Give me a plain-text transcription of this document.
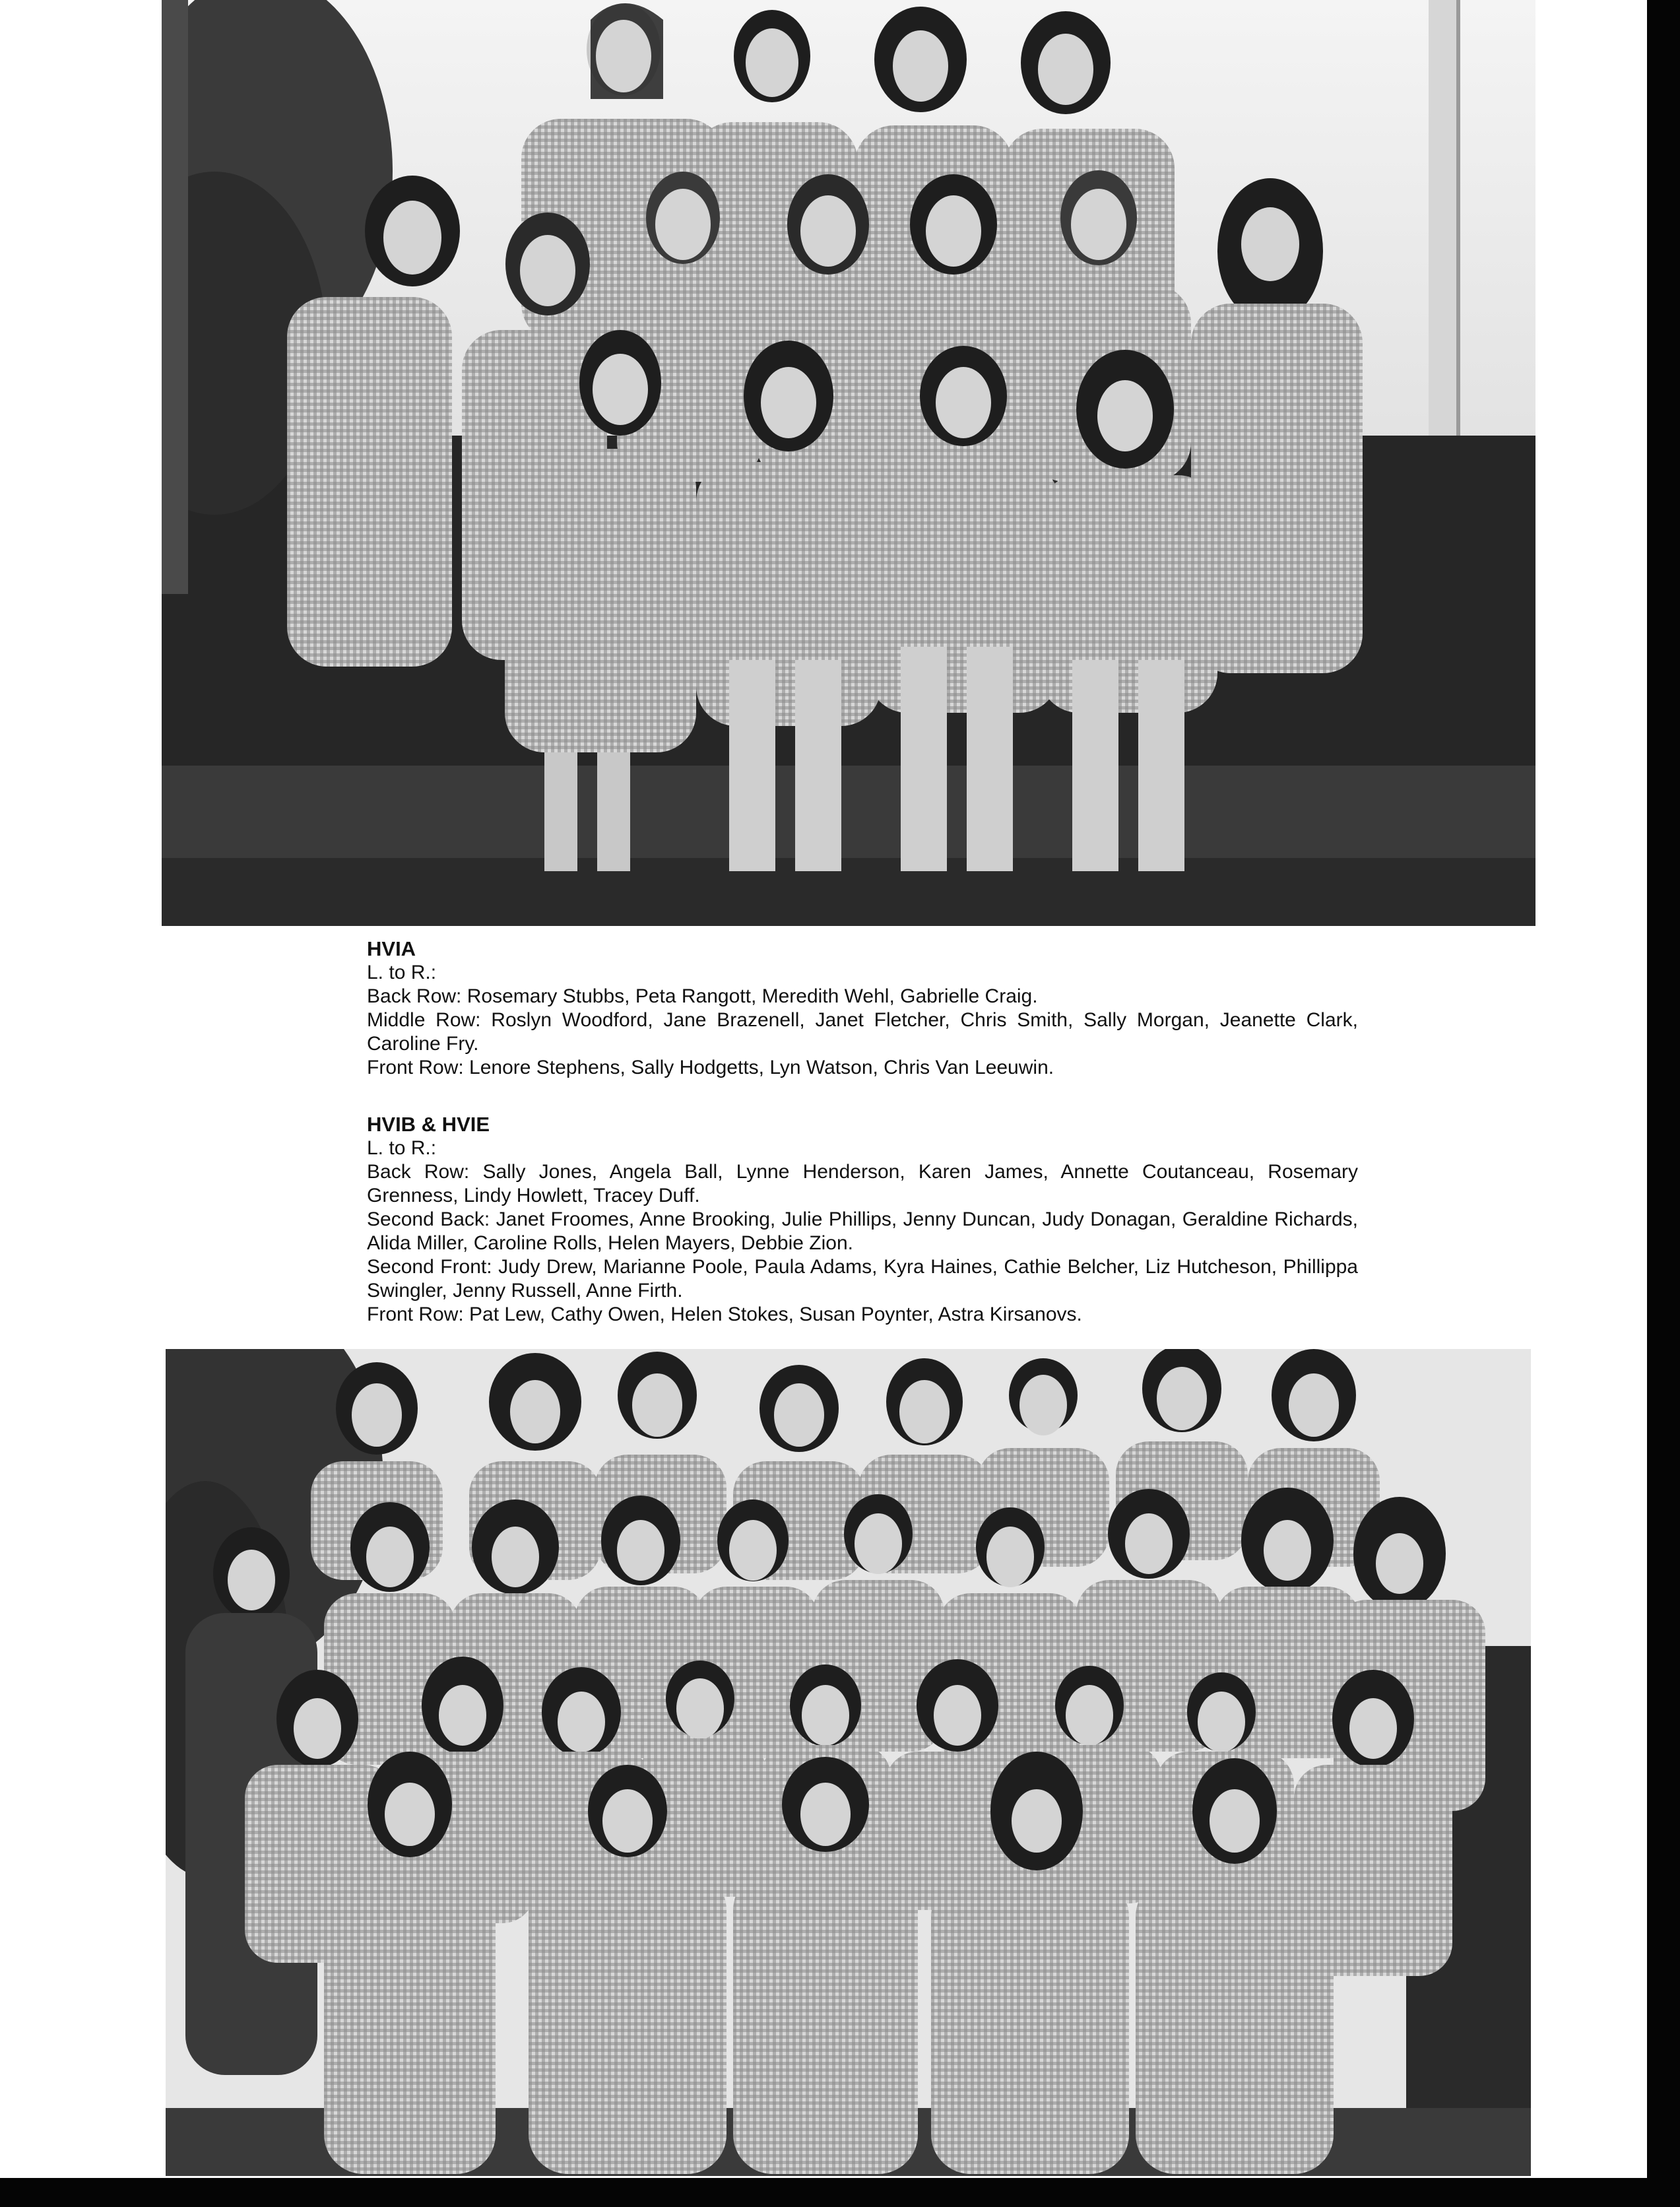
HVIA
L. to R.:
Back Row: Rosemary Stubbs, Peta Rangott, Meredith Wehl, Gabrielle Craig.
Middle Row: Roslyn Woodford, Jane Brazenell, Janet Fletcher, Chris Smith, Sally Morgan, Jeanette Clark, Caroline Fry.
Front Row: Lenore Stephens, Sally Hodgetts, Lyn Watson, Chris Van Leeuwin.
HVIB & HVIE
L. to R.:
Back Row: Sally Jones, Angela Ball, Lynne Henderson, Karen James, Annette Coutanceau, Rosemary Grenness, Lindy Howlett, Tracey Duff.
Second Back: Janet Froomes, Anne Brooking, Julie Phillips, Jenny Duncan, Judy Donagan, Geraldine Richards, Alida Miller, Caroline Rolls, Helen Mayers, Debbie Zion.
Second Front: Judy Drew, Marianne Poole, Paula Adams, Kyra Haines, Cathie Belcher, Liz Hutcheson, Phillippa Swingler, Jenny Russell, Anne Firth.
Front Row: Pat Lew, Cathy Owen, Helen Stokes, Susan Poynter, Astra Kirsanovs.
